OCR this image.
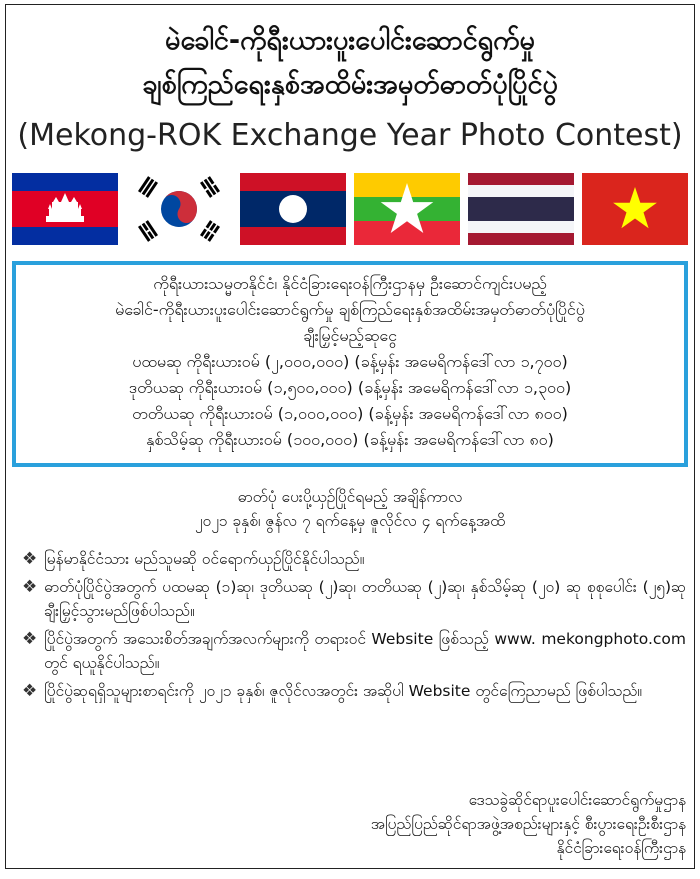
မဲခေါင်-ကိုရီးယားပူးပေါင်းဆောင်ရွက်မှု
ချစ်ကြည်ရေးနှစ်အထိမ်းအမှတ်ဓာတ်ပုံပြိုင်ပွဲ
(Mekong-ROK Exchange Year Photo Contest)
ကိုရီးယားသမ္မတနိုင်ငံ၊ နိုင်ငံခြားရေးဝန်ကြီးဌာနမှ ဦးဆောင်ကျင်းပမည့်
မဲခေါင်-ကိုရီးယားပူးပေါင်းဆောင်ရွက်မှု ချစ်ကြည်ရေးနှစ်အထိမ်းအမှတ်ဓာတ်ပုံပြိုင်ပွဲ
ချီးမြှင့်မည့်ဆုငွေ
ပထမဆု ကိုရီးယားဝမ် (၂,၀၀၀,၀၀၀) (ခန့်မှန်း အမေရိကန်ဒေါ်လာ ၁,၇၀၀)
ဒုတိယဆု ကိုရီးယားဝမ် (၁,၅၀၀,၀၀၀) (ခန့်မှန်း အမေရိကန်ဒေါ်လာ ၁,၃၀၀)
တတိယဆု ကိုရီးယားဝမ် (၁,၀၀၀,၀၀၀) (ခန့်မှန်း အမေရိကန်ဒေါ်လာ ၈၀၀)
နှစ်သိမ့်ဆု ကိုရီးယားဝမ် (၁၀၀,၀၀၀) (ခန့်မှန်း အမေရိကန်ဒေါ်လာ ၈၀)
ဓာတ်ပုံ ပေးပို့ယှဉ်ပြိုင်ရမည့် အချိန်ကာလ
၂၀၂၁ ခုနှစ်၊ ဇွန်လ ၇ ရက်နေ့မှ ဇူလိုင်လ ၄ ရက်နေ့အထိ
❖ မြန်မာနိုင်ငံသား မည်သူမဆို ဝင်ရောက်ယှဉ်ပြိုင်နိုင်ပါသည်။
❖ ဓာတ်ပုံပြိုင်ပွဲအတွက် ပထမဆု (၁)ဆု၊ ဒုတိယဆု (၂)ဆု၊ တတိယဆု (၂)ဆု၊ နှစ်သိမ့်ဆု (၂၀) ဆု စုစုပေါင်း (၂၅)ဆု ချီးမြှင့်သွားမည်ဖြစ်ပါသည်။
❖ ပြိုင်ပွဲအတွက် အသေးစိတ်အချက်အလက်များကို တရားဝင် Website ဖြစ်သည့် www. mekongphoto.com တွင် ရယူနိုင်ပါသည်။
❖ ပြိုင်ပွဲဆုရရှိသူများစာရင်းကို ၂၀၂၁ ခုနှစ်၊ ဇူလိုင်လအတွင်း အဆိုပါ Website တွင်ကြေညာမည် ဖြစ်ပါသည်။
ဒေသခွဲဆိုင်ရာပူးပေါင်းဆောင်ရွက်မှုဌာန
အပြည်ပြည်ဆိုင်ရာအဖွဲ့အစည်းများနှင့် စီးပွားရေးဦးစီးဌာန
နိုင်ငံခြားရေးဝန်ကြီးဌာန
